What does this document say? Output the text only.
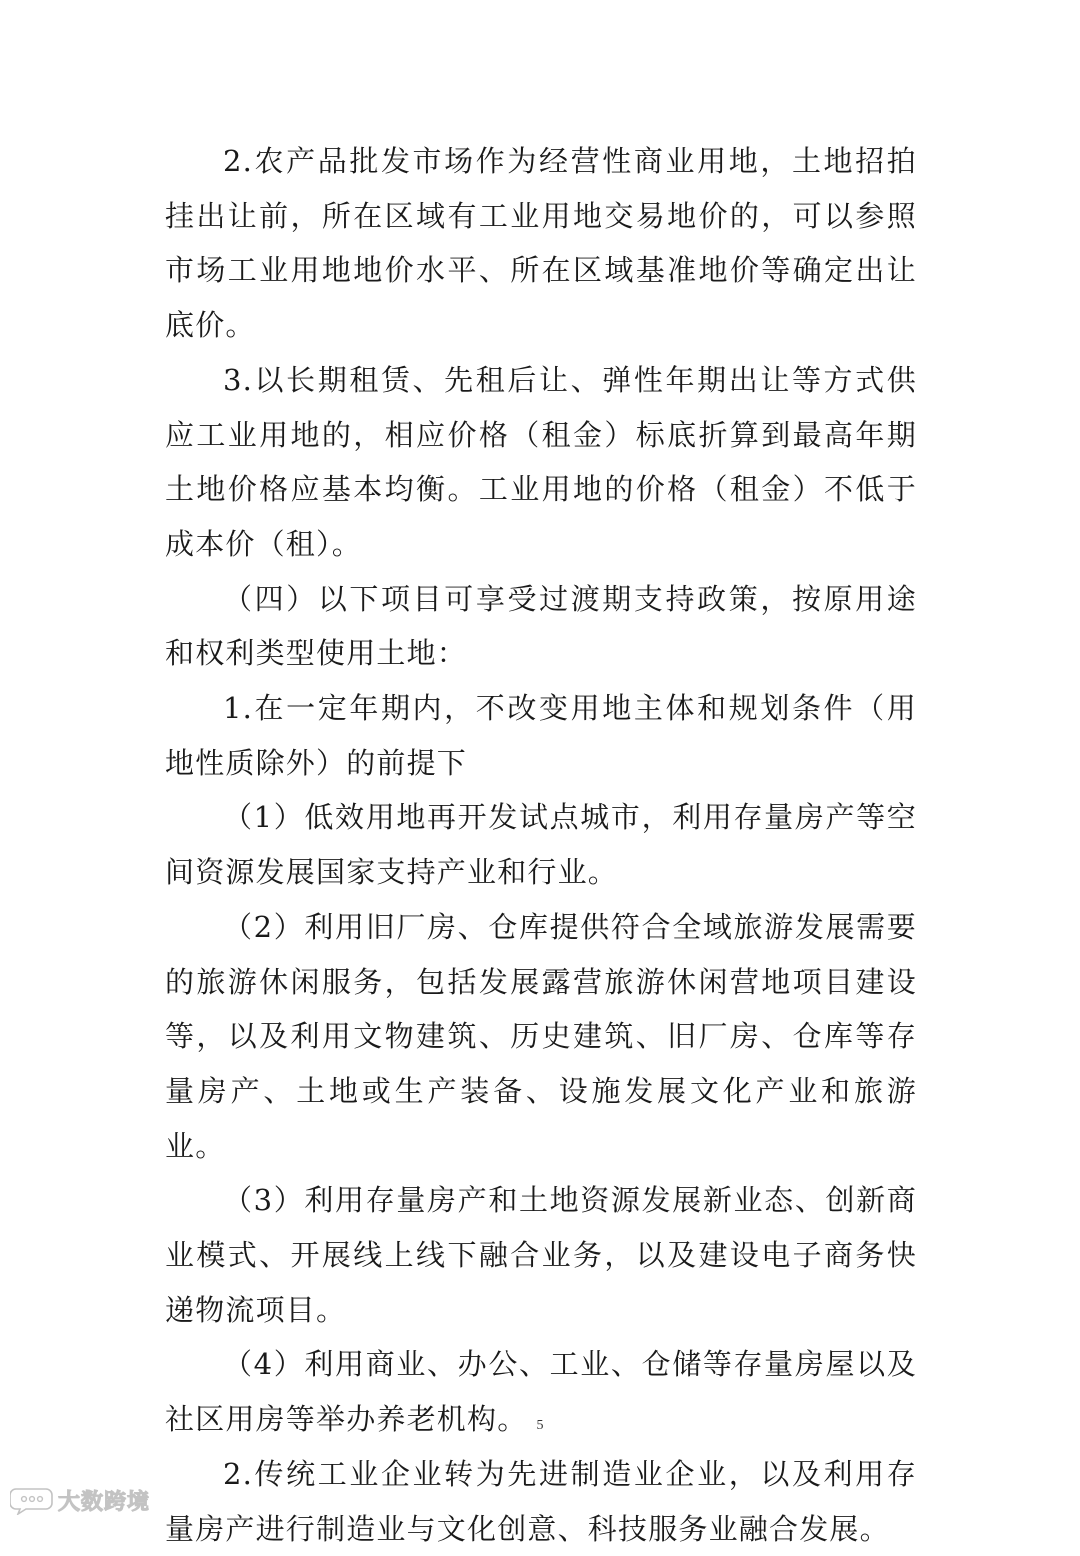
2.农产品批发市场作为经营性商业用地，土地招拍挂出让前，所在区域有工业用地交易地价的，可以参照市场工业用地地价水平、所在区域基准地价等确定出让底价。

3.以长期租赁、先租后让、弹性年期出让等方式供应工业用地的，相应价格（租金）标底折算到最高年期土地价格应基本均衡。工业用地的价格（租金）不低于成本价（租）。

（四）以下项目可享受过渡期支持政策，按原用途和权利类型使用土地：

1.在一定年期内，不改变用地主体和规划条件（用地性质除外）的前提下

（1）低效用地再开发试点城市，利用存量房产等空间资源发展国家支持产业和行业。

（2）利用旧厂房、仓库提供符合全域旅游发展需要的旅游休闲服务，包括发展露营旅游休闲营地项目建设等，以及利用文物建筑、历史建筑、旧厂房、仓库等存量房产、土地或生产装备、设施发展文化产业和旅游业。

（3）利用存量房产和土地资源发展新业态、创新商业模式、开展线上线下融合业务，以及建设电子商务快递物流项目。

（4）利用商业、办公、工业、仓储等存量房屋以及社区用房等举办养老机构。

2.传统工业企业转为先进制造业企业，以及利用存量房产进行制造业与文化创意、科技服务业融合发展。

5
大数跨境
